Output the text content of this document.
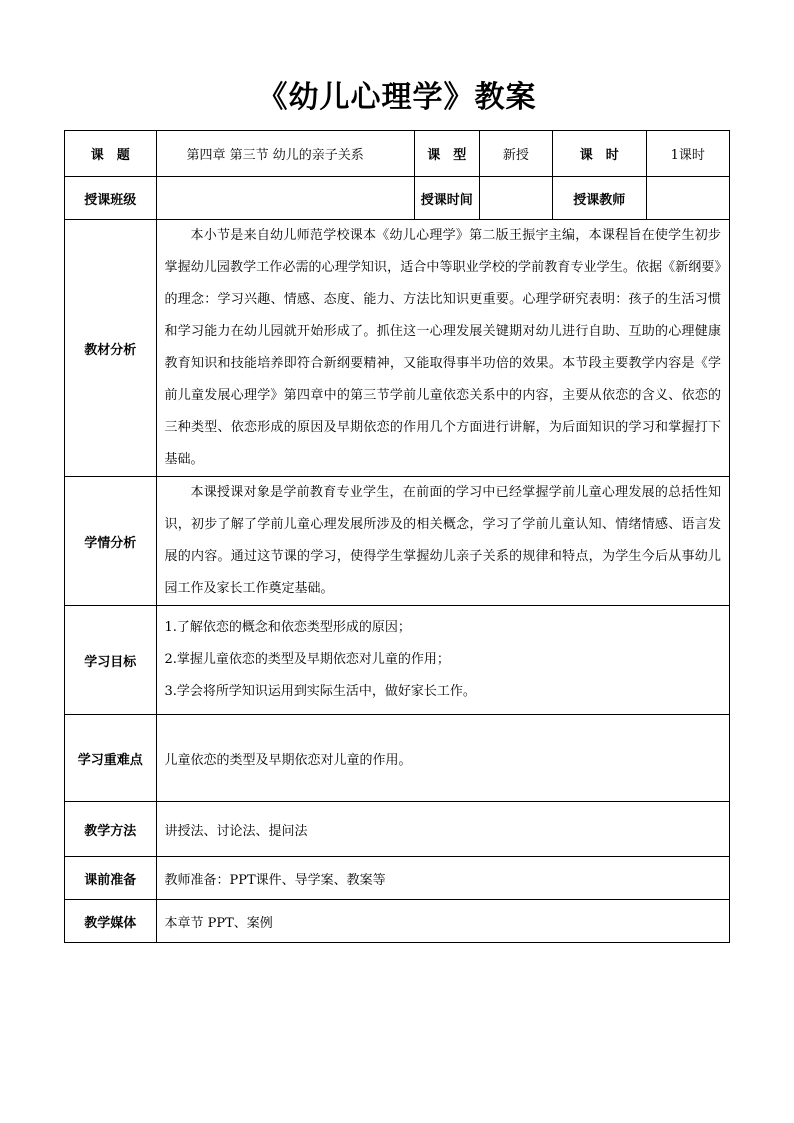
《幼儿心理学》教案
课　题	第四章 第三节 幼儿的亲子关系	课　型	新授	课　时	1课时
授课班级		授课时间		授课教师	
教材分析	本小节是来自幼儿师范学校课本《幼儿心理学》第二版王振宇主编，本课程旨在使学生初步掌握幼儿园教学工作必需的心理学知识，适合中等职业学校的学前教育专业学生。依据《新纲要》的理念：学习兴趣、情感、态度、能力、方法比知识更重要。心理学研究表明：孩子的生活习惯和学习能力在幼儿园就开始形成了。抓住这一心理发展关键期对幼儿进行自助、互助的心理健康教育知识和技能培养即符合新纲要精神，又能取得事半功倍的效果。本节段主要教学内容是《学前儿童发展心理学》第四章中的第三节学前儿童依恋关系中的内容，主要从依恋的含义、依恋的三种类型、依恋形成的原因及早期依恋的作用几个方面进行讲解，为后面知识的学习和掌握打下基础。				
学情分析	本课授课对象是学前教育专业学生，在前面的学习中已经掌握学前儿童心理发展的总括性知识，初步了解了学前儿童心理发展所涉及的相关概念，学习了学前儿童认知、情绪情感、语言发展的内容。通过这节课的学习，使得学生掌握幼儿亲子关系的规律和特点，为学生今后从事幼儿园工作及家长工作奠定基础。				
学习目标	1.了解依恋的概念和依恋类型形成的原因；
2.掌握儿童依恋的类型及早期依恋对儿童的作用；
3.学会将所学知识运用到实际生活中，做好家长工作。				

学习重难点	儿童依恋的类型及早期依恋对儿童的作用。				
教学方法	讲授法、讨论法、提问法				
课前准备	教师准备：PPT课件、导学案、教案等				
教学媒体	本章节 PPT、案例				
